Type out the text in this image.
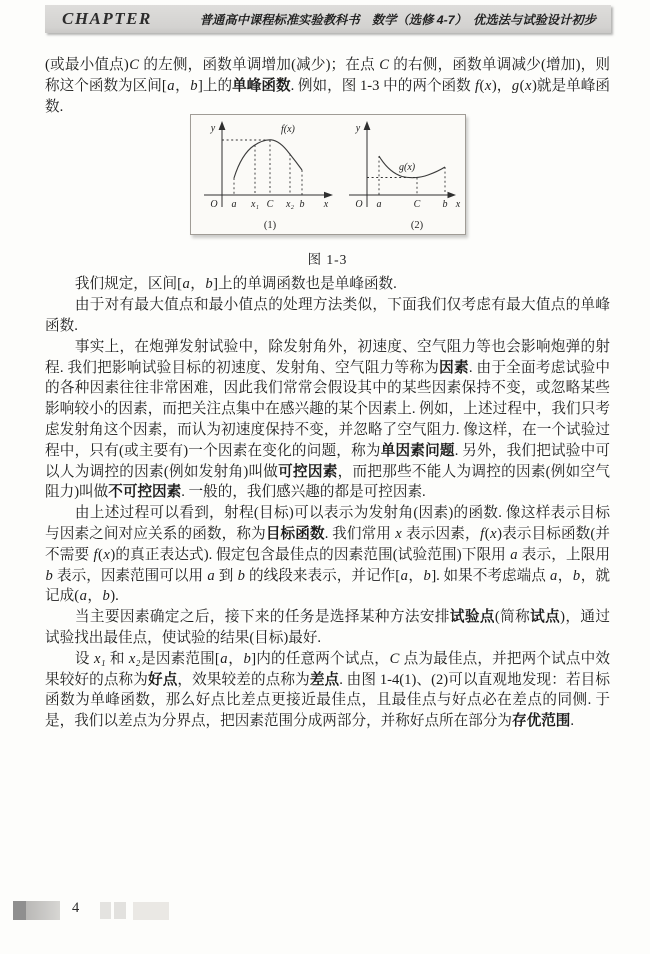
CHAPTER	普通高中课程标准实验教科书　数学（选修 4-7）　优选法与试验设计初步

(或最小值点)C 的左侧，函数单调增加(减少)；在点 C 的右侧，函数单调减少(增加)，则称这个函数为区间[a，b]上的单峰函数. 例如，图 1-3 中的两个函数 f(x)，g(x)就是单峰函数.

y	f(x)
O a x₁ C x₂ b x
(1)
y
g(x)
O a	C b x
(2)
图 1-3

我们规定，区间[a，b]上的单调函数也是单峰函数.

由于对有最大值点和最小值点的处理方法类似，下面我们仅考虑有最大值点的单峰函数.

事实上，在炮弹发射试验中，除发射角外，初速度、空气阻力等也会影响炮弹的射程. 我们把影响试验目标的初速度、发射角、空气阻力等称为因素. 由于全面考虑试验中的各种因素往往非常困难，因此我们常常会假设其中的某些因素保持不变，或忽略某些影响较小的因素，而把关注点集中在感兴趣的某个因素上. 例如，上述过程中，我们只考虑发射角这个因素，而认为初速度保持不变，并忽略了空气阻力. 像这样，在一个试验过程中，只有(或主要有)一个因素在变化的问题，称为单因素问题. 另外，我们把试验中可以人为调控的因素(例如发射角)叫做可控因素，而把那些不能人为调控的因素(例如空气阻力)叫做不可控因素. 一般的，我们感兴趣的都是可控因素.

由上述过程可以看到，射程(目标)可以表示为发射角(因素)的函数. 像这样表示目标与因素之间对应关系的函数，称为目标函数. 我们常用 x 表示因素，f(x)表示目标函数(并不需要 f(x)的真正表达式). 假定包含最佳点的因素范围(试验范围)下限用 a 表示，上限用 b 表示，因素范围可以用 a 到 b 的线段来表示，并记作[a，b]. 如果不考虑端点 a，b，就记成(a，b).

当主要因素确定之后，接下来的任务是选择某种方法安排试验点(简称试点)，通过试验找出最佳点，使试验的结果(目标)最好.

设 x₁ 和 x₂是因素范围[a，b]内的任意两个试点，C 点为最佳点，并把两个试点中效果较好的点称为好点，效果较差的点称为差点. 由图 1-4(1)、(2)可以直观地发现：若目标函数为单峰函数，那么好点比差点更接近最佳点，且最佳点与好点必在差点的同侧. 于是，我们以差点为分界点，把因素范围分成两部分，并称好点所在部分为存优范围.

4
